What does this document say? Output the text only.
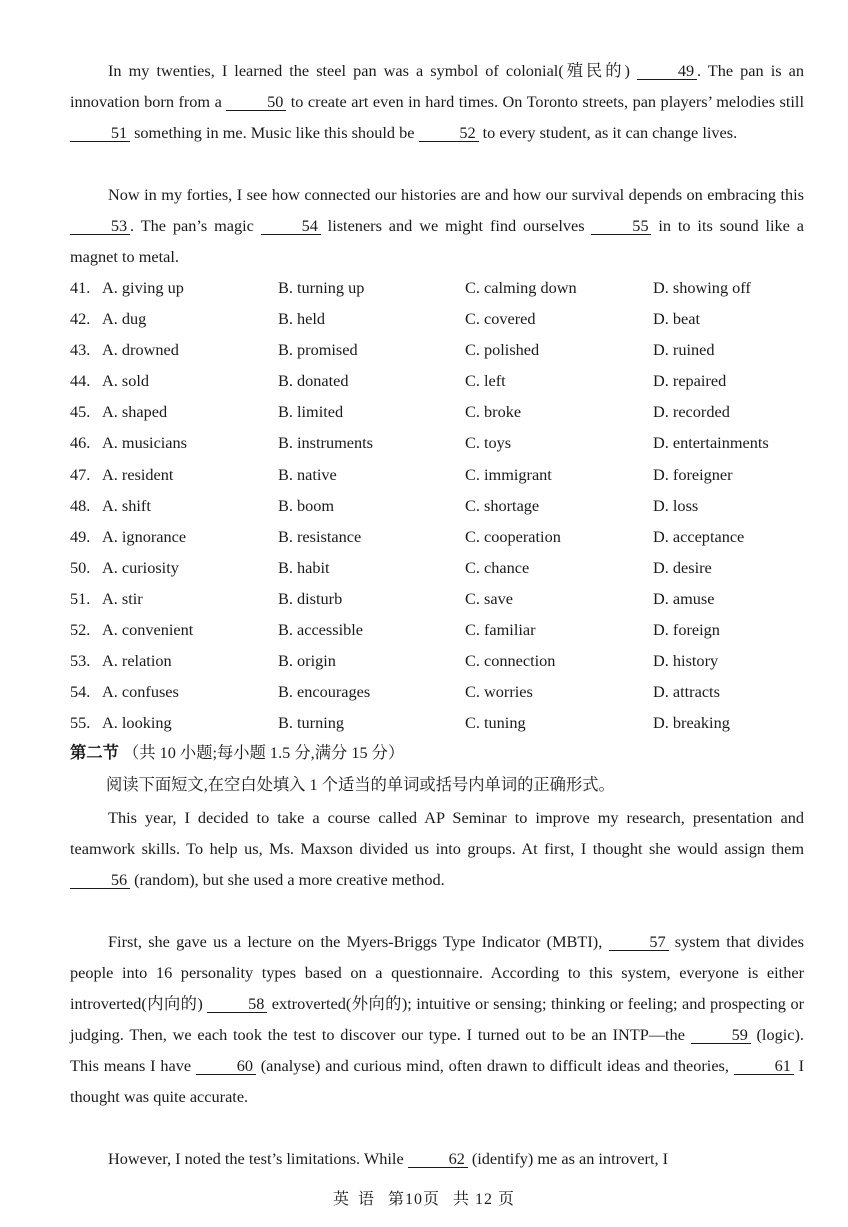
In my twenties, I learned the steel pan was a symbol of colonial(殖民的)	49 . The pan is an innovation born from a	50 to create art even in hard times. On Toronto streets, pan players’ melodies still 51 something in me. Music like this should be	52 to every student, as it can change lives.

Now in my forties, I see how connected our histories are and how our survival depends on embracing this 53 . The pan’s magic	54 listeners and we might find ourselves	55 in to its sound like a magnet to metal.

41. A. giving up	B. turning up	C. calming down	D. showing off
42. A. dug	B. held	C. covered	D. beat
43. A. drowned	B. promised	C. polished	D. ruined
44. A. sold	B. donated	C. left	D. repaired
45. A. shaped	B. limited	C. broke	D. recorded
46. A. musicians	B. instruments	C. toys	D. entertainments
47. A. resident	B. native	C. immigrant	D. foreigner
48. A. shift	B. boom	C. shortage	D. loss
49. A. ignorance	B. resistance	C. cooperation	D. acceptance
50. A. curiosity	B. habit	C. chance	D. desire
51. A. stir	B. disturb	C. save	D. amuse
52. A. convenient	B. accessible	C. familiar	D. foreign
53. A. relation	B. origin	C. connection	D. history
54. A. confuses	B. encourages	C. worries	D. attracts
55. A. looking	B. turning	C. tuning	D. breaking
第二节 （共 10 小题;每小题 1.5 分,满分 15 分）
阅读下面短文,在空白处填入 1 个适当的单词或括号内单词的正确形式。

This year, I decided to take a course called AP Seminar to improve my research, presentation and teamwork skills. To help us, Ms. Maxson divided us into groups. At first, I thought she would assign them 56 (random), but she used a more creative method.

First, she gave us a lecture on the Myers-Briggs Type Indicator (MBTI),	57 system that divides people into 16 personality types based on a questionnaire. According to this system, everyone is either introverted(内向的)	58 extroverted(外向的); intuitive or sensing; thinking or feeling; and prospecting or judging. Then, we each took the test to discover our type. I turned out to be an INTP—the	59 (logic). This means I have	60 (analyse) and curious mind, often drawn to difficult ideas and theories,	61 I thought was quite accurate.

However, I noted the test’s limitations. While	62 (identify) me as an introvert, I

英 语 第10页 共 12 页
